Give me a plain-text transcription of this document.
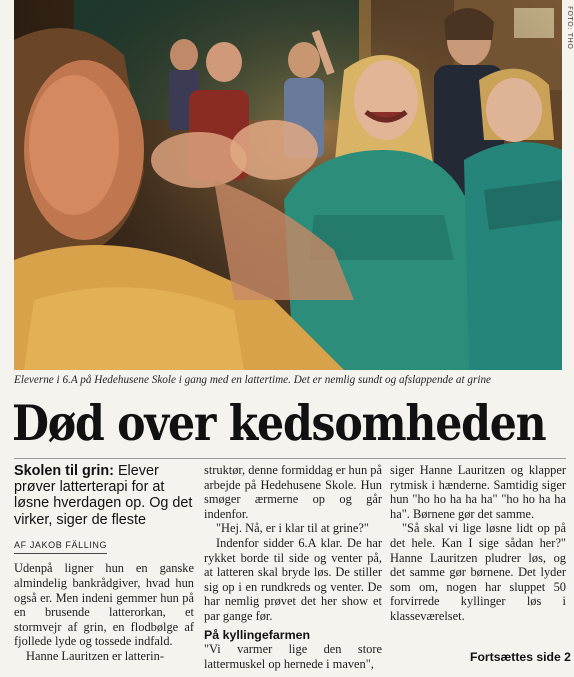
FOTO: THO
Eleverne i 6.A på Hedehusene Skole i gang med en lattertime. Det er nemlig sundt og afslappende at grine
Død over kedsomheden
Skolen til grin: Elever prøver latterterapi for at løsne hverdagen op. Og det virker, siger de fleste
AF JAKOB FÄLLING

Udenpå ligner hun en ganske almindelig bankrådgiver, hvad hun også er. Men indeni gemmer hun på en brusende latterorkan, et stormvejr af grin, en flodbølge af fjollede lyde og tossede indfald.

Hanne Lauritzen er latterin-

struktør, denne formiddag er hun på arbejde på Hedehusene Skole. Hun smøger ærmerne op og går indenfor.

"Hej. Nå, er i klar til at grine?"

Indenfor sidder 6.A klar. De har rykket borde til side og venter på, at latteren skal bryde løs. De stiller sig op i en rundkreds og venter. De har nemlig prøvet det her show et par gange før.

På kyllingefarmen

"Vi varmer lige den store lattermuskel op hernede i maven",

siger Hanne Lauritzen og klapper rytmisk i hænderne. Samtidig siger hun "ho ho ha ha ha" "ho ho ha ha ha". Børnene gør det samme.

"Så skal vi lige løsne lidt op på det hele. Kan I sige sådan her?" Hanne Lauritzen pludrer løs, og det samme gør børnene. Det lyder som om, nogen har sluppet 50 forvirrede kyllinger løs i klasseværelset.

Fortsættes side 2
